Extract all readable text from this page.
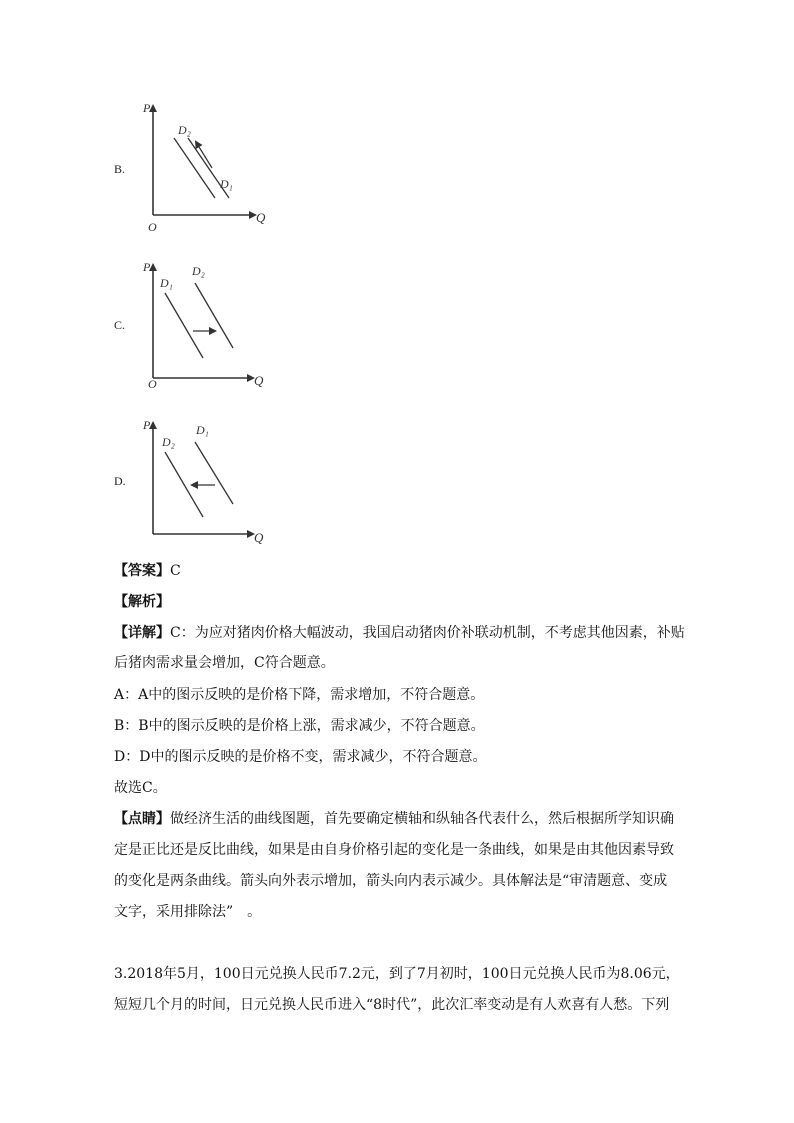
B.
P
Q
O
D₂
D₁
C.
P
Q
O
D₁
D₂
D.
P
Q
D₂
D₁
【答案】C
【解析】
【详解】C：为应对猪肉价格大幅波动，我国启动猪肉价补联动机制，不考虑其他因素，补贴
后猪肉需求量会增加，C符合题意。
A：A中的图示反映的是价格下降，需求增加，不符合题意。
B：B中的图示反映的是价格上涨，需求减少，不符合题意。
D：D中的图示反映的是价格不变，需求减少，不符合题意。
故选C。
【点睛】做经济生活的曲线图题，首先要确定横轴和纵轴各代表什么，然后根据所学知识确
定是正比还是反比曲线，如果是由自身价格引起的变化是一条曲线，如果是由其他因素导致
的变化是两条曲线。箭头向外表示增加，箭头向内表示减少。具体解法是“审清题意、变成
文字，采用排除法”　。
3.2018年5月，100日元兑换人民币7.2元，到了7月初时，100日元兑换人民币为8.06元，
短短几个月的时间，日元兑换人民币进入“8时代”，此次汇率变动是有人欢喜有人愁。下列
